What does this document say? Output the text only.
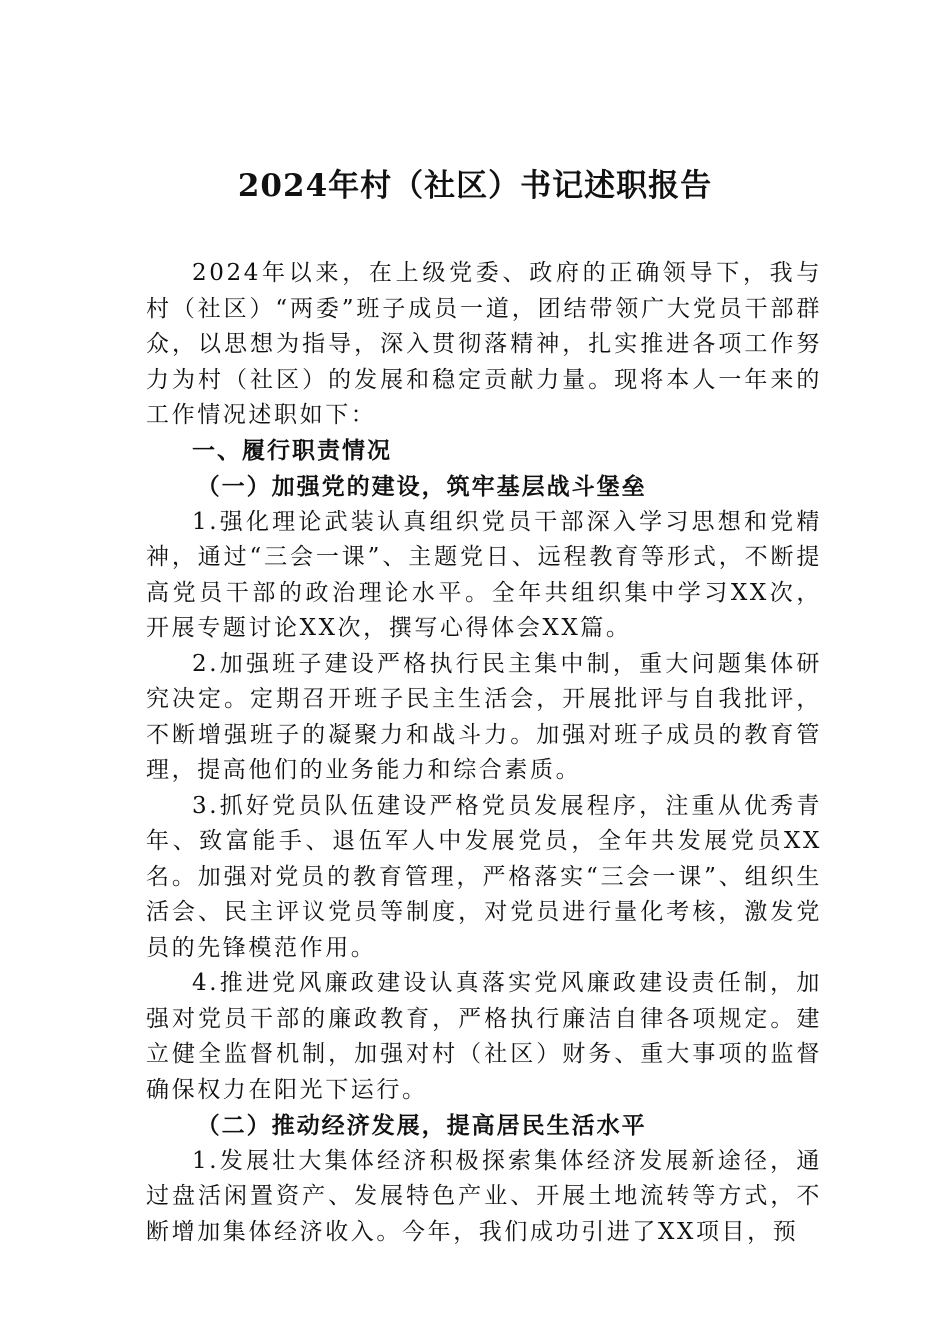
2024年村（社区）书记述职报告

2024年以来，在上级党委、政府的正确领导下，我与村（社区）“两委”班子成员一道，团结带领广大党员干部群众，以思想为指导，深入贯彻落精神，扎实推进各项工作努力为村（社区）的发展和稳定贡献力量。现将本人一年来的工作情况述职如下：

一、履行职责情况

（一）加强党的建设，筑牢基层战斗堡垒

1.强化理论武装认真组织党员干部深入学习思想和党精神，通过“三会一课”、主题党日、远程教育等形式，不断提高党员干部的政治理论水平。全年共组织集中学习XX次，开展专题讨论XX次，撰写心得体会XX篇。

2.加强班子建设严格执行民主集中制，重大问题集体研究决定。定期召开班子民主生活会，开展批评与自我批评，不断增强班子的凝聚力和战斗力。加强对班子成员的教育管理，提高他们的业务能力和综合素质。

3.抓好党员队伍建设严格党员发展程序，注重从优秀青年、致富能手、退伍军人中发展党员，全年共发展党员XX名。加强对党员的教育管理，严格落实“三会一课”、组织生活会、民主评议党员等制度，对党员进行量化考核，激发党员的先锋模范作用。

4.推进党风廉政建设认真落实党风廉政建设责任制，加强对党员干部的廉政教育，严格执行廉洁自律各项规定。建立健全监督机制，加强对村（社区）财务、重大事项的监督确保权力在阳光下运行。

（二）推动经济发展，提高居民生活水平

1.发展壮大集体经济积极探索集体经济发展新途径，通过盘活闲置资产、发展特色产业、开展土地流转等方式，不断增加集体经济收入。今年，我们成功引进了XX项目，预
